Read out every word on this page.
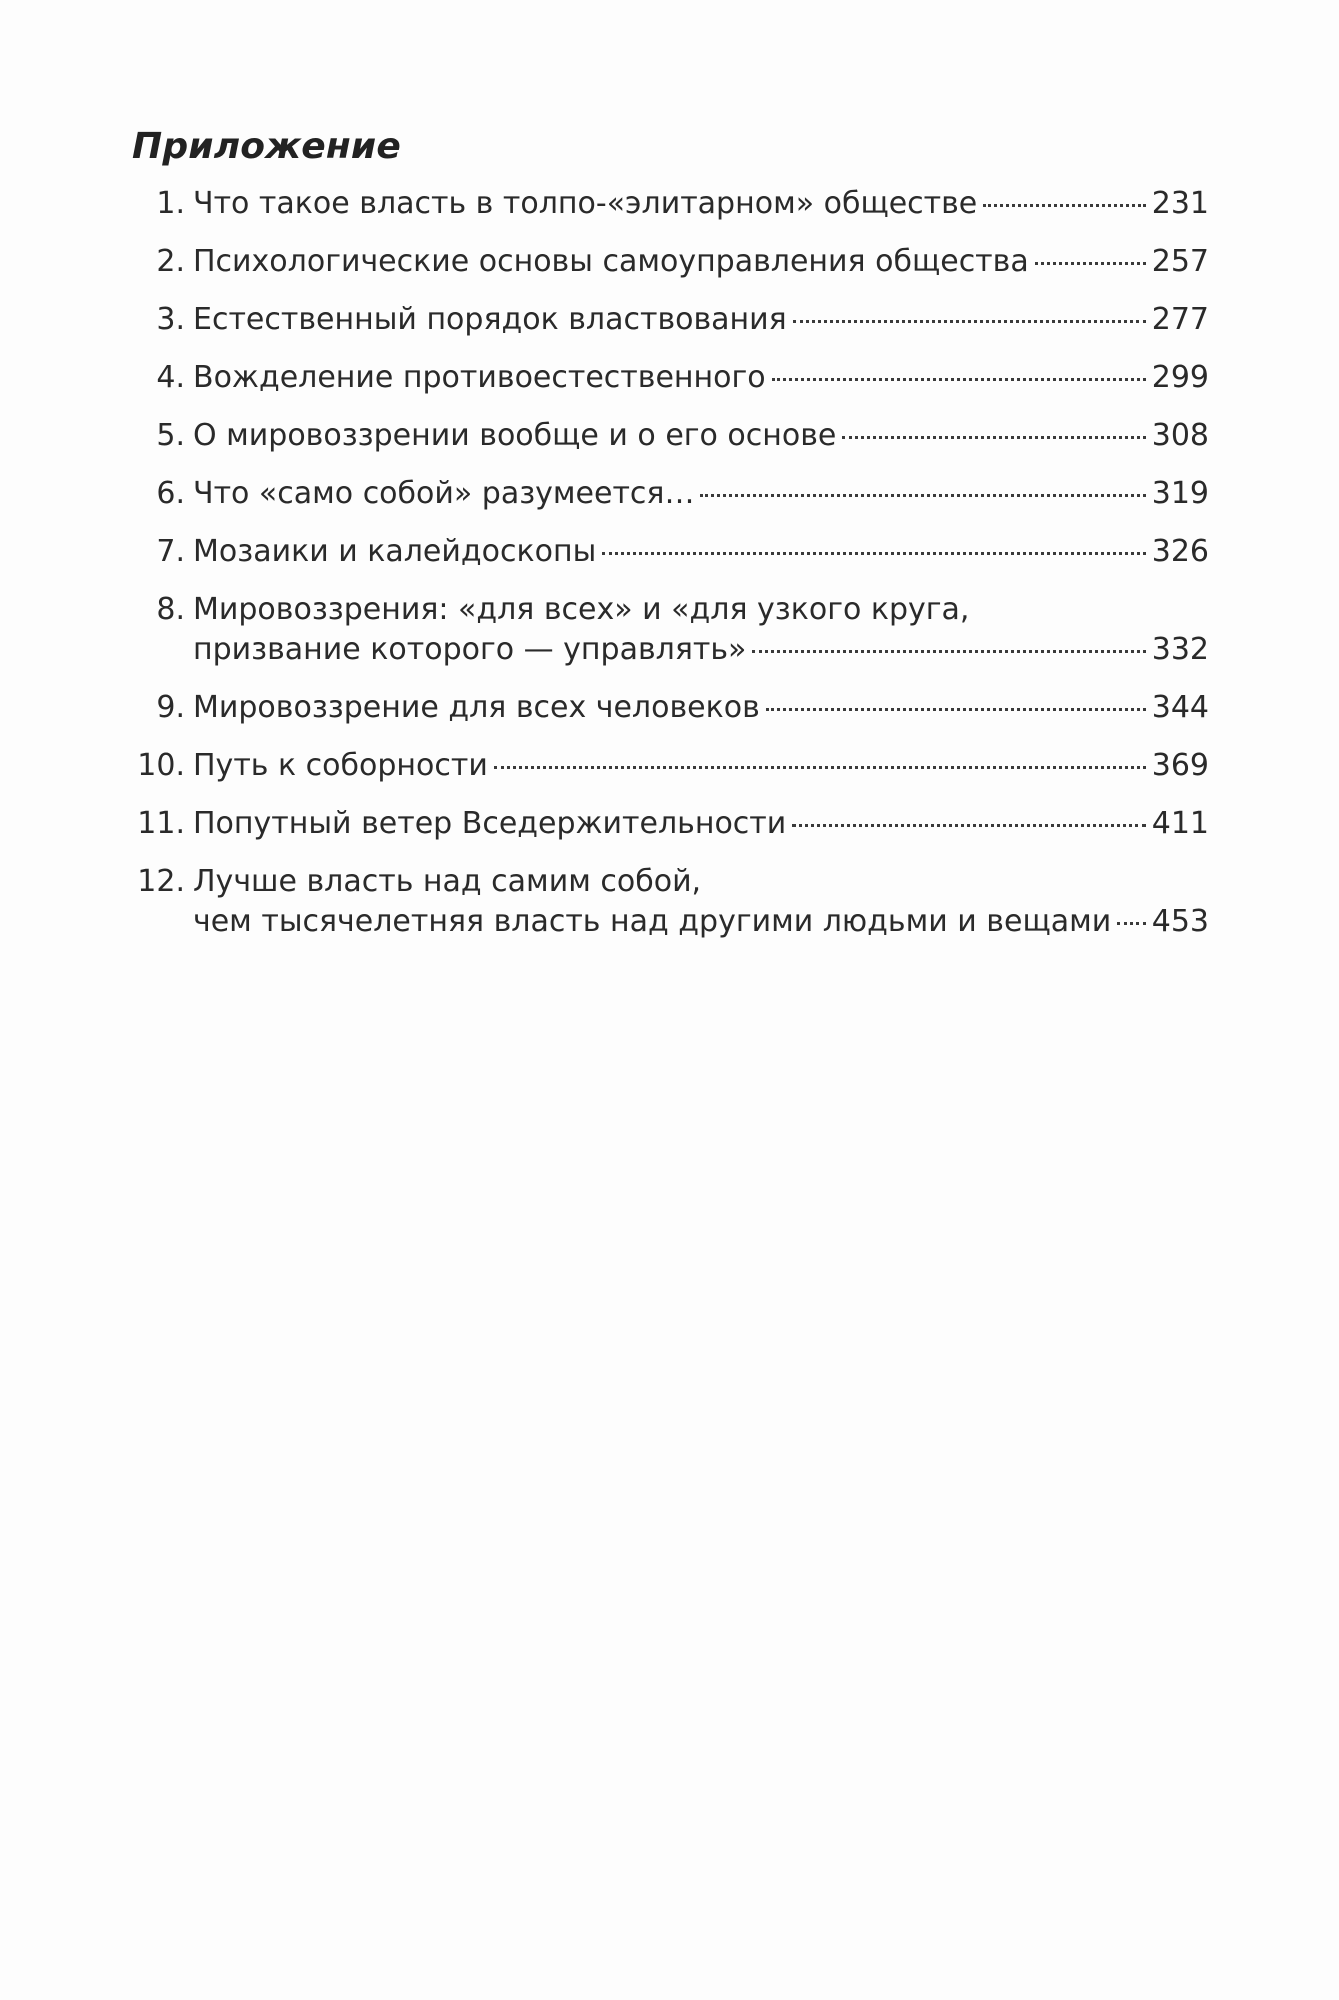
Приложение
1. Что такое власть в толпо-«элитарном» обществе	231
2. Психологические основы самоуправления общества	257
3. Естественный порядок властвования	277
4. Вожделение противоестественного	299
5. О мировоззрении вообще и о его основе	308
6. Что «само собой» разумеется…	319
7. Мозаики и калейдоскопы	326
8. Мировоззрения: «для всех» и «для узкого круга,
призвание которого — управлять»	332
9. Мировоззрение для всех человеков	344
10. Путь к соборности	369
11. Попутный ветер Вседержительности	411
12. Лучше власть над самим собой,
чем тысячелетняя власть над другими людьми и вещами 453
